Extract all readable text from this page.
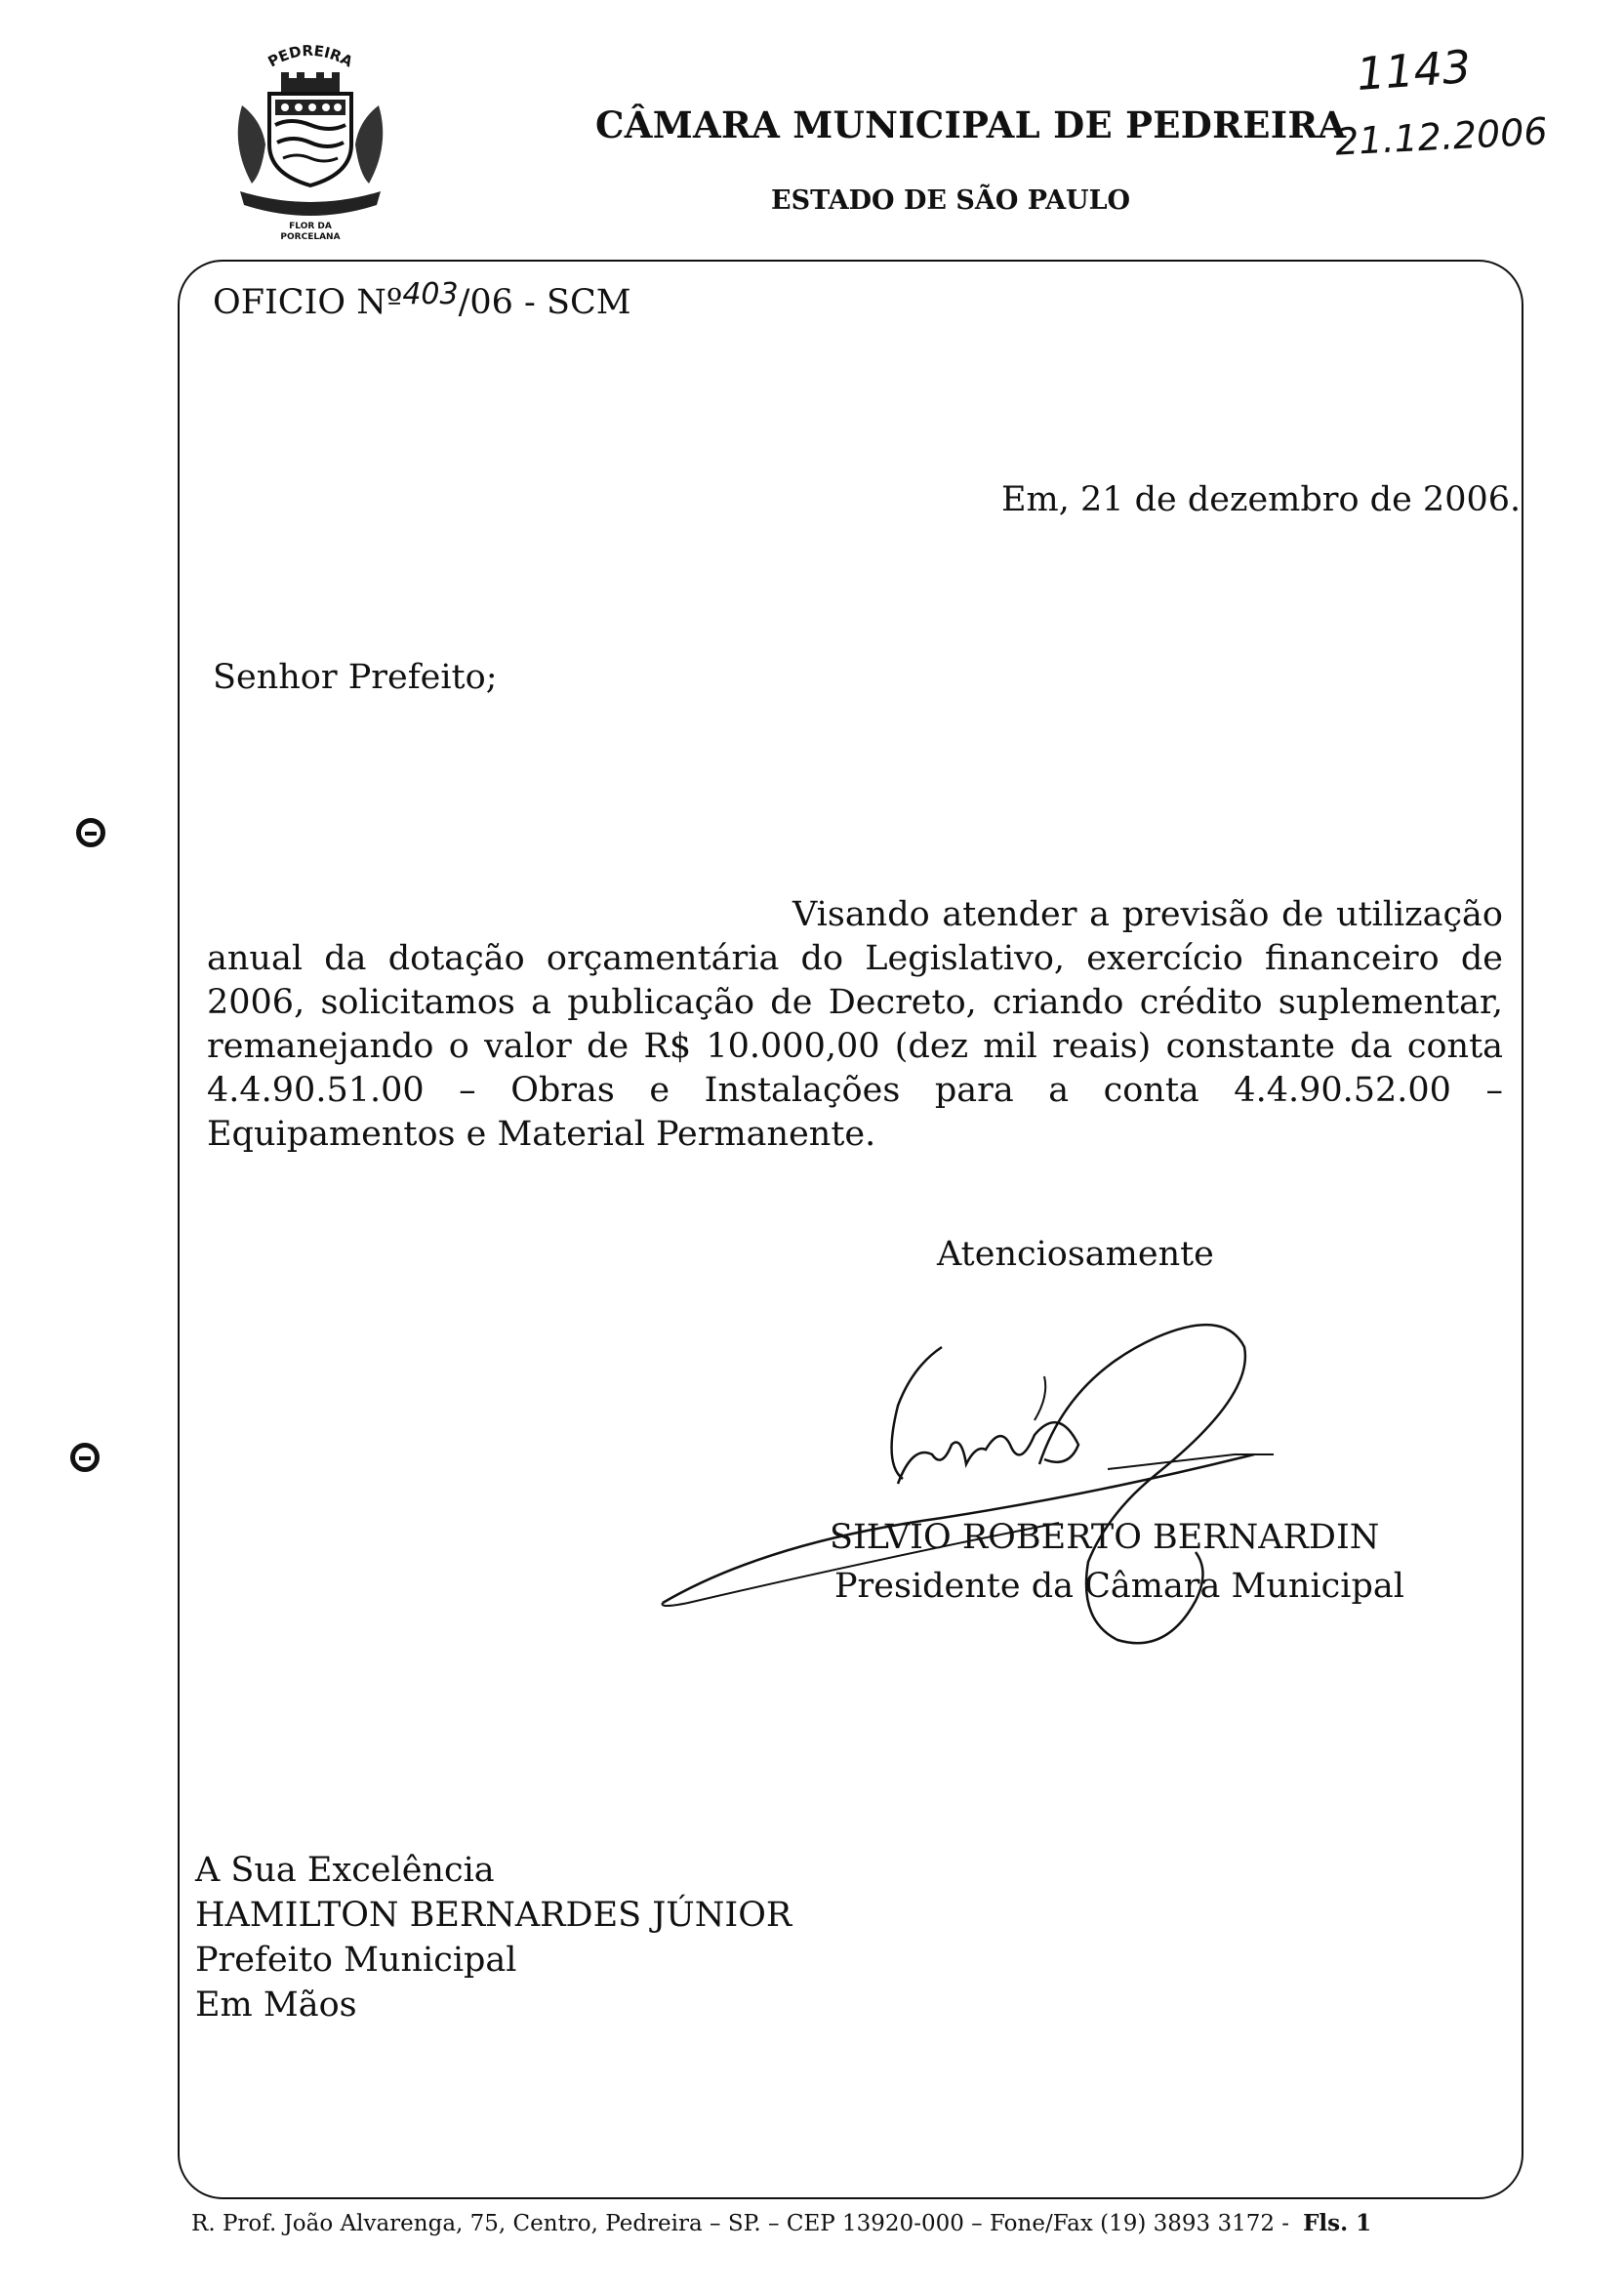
PEDREIRA
FLOR DA
PORCELANA
CÂMARA MUNICIPAL DE PEDREIRA
ESTADO DE SÃO PAULO
1143
21.12.2006
OFICIO Nº403/06 - SCM
Em, 21 de dezembro de 2006.
Senhor Prefeito;
Visando atender a previsão de utilização anual da dotação orçamentária do Legislativo, exercício financeiro de 2006, solicitamos a publicação de Decreto, criando crédito suplementar, remanejando o valor de R$ 10.000,00 (dez mil reais) constante da conta 4.4.90.51.00 – Obras e Instalações para a conta 4.4.90.52.00 – Equipamentos e Material Permanente.
Atenciosamente
SILVIO ROBERTO BERNARDIN
Presidente da Câmara Municipal
A Sua Excelência
HAMILTON BERNARDES JÚNIOR
Prefeito Municipal
Em Mãos
R. Prof. João Alvarenga, 75, Centro, Pedreira – SP. – CEP 13920-000 – Fone/Fax (19) 3893 3172 - Fls. 1
